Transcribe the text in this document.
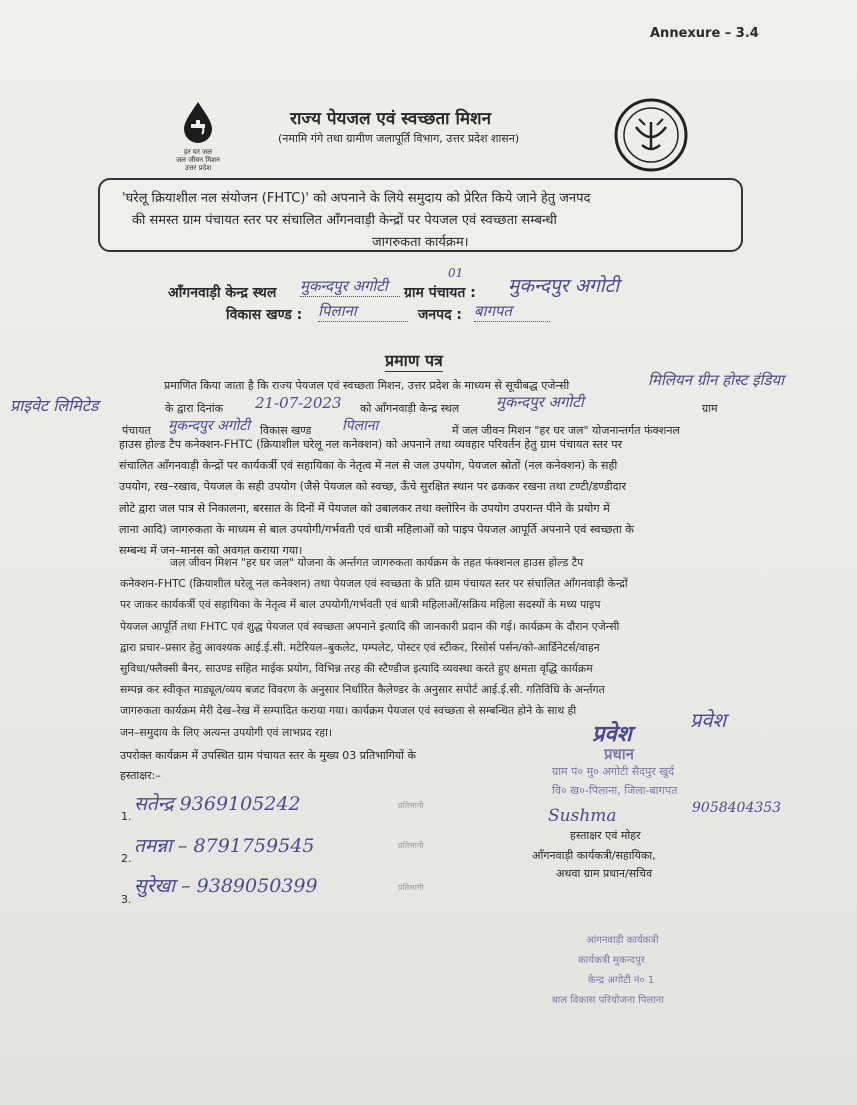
Annexure – 3.4
हर घर जल
जल जीवन मिशन
उत्तर प्रदेश
राज्य पेयजल एवं स्वच्छता मिशन
(नमामि गंगे तथा ग्रामीण जलापूर्ति विभाग, उत्तर प्रदेश शासन)
'घरेलू क्रियाशील नल संयोजन (FHTC)' को अपनाने के लिये समुदाय को प्रेरित किये जाने हेतु जनपद
की समस्त ग्राम पंचायत स्तर पर संचालित आँगनवाड़ी केन्द्रों पर पेयजल एवं स्वच्छता सम्बन्धी
जागरुकता कार्यक्रम।
आँगनवाड़ी केन्द्र स्थल मुकन्दपुर अगोटी
01
ग्राम पंचायत : मुकन्दपुर अगोटी
विकास खण्ड : पिलाना	जनपद : बागपत
प्रमाण पत्र
प्रमाणित किया जाता है कि राज्य पेयजल एवं स्वच्छता मिशन, उत्तर प्रदेश के माध्यम से सूचीबद्ध एजेन्सी	मिलियन ग्रीन होस्ट इंडिया
प्राइवेट लिमिटेड	के द्वारा दिनांक 21-07-2023 को आँगनवाड़ी केन्द्र स्थल मुकन्दपुर अगोटी	ग्राम
पंचायत मुकन्दपुर अगोटी विकास खण्ड पिलाना	में जल जीवन मिशन "हर घर जल" योजनान्तर्गत फंक्शनल
हाउस होल्ड टैप कनेक्शन-FHTC (क्रियाशील घरेलू नल कनेक्शन) को अपनाने तथा व्यवहार परिवर्तन हेतु ग्राम पंचायत स्तर पर
संचालित आँगनवाड़ी केन्द्रों पर कार्यकर्त्री एवं सहायिका के नेतृत्व में नल से जल उपयोग, पेयजल स्रोतों (नल कनेक्शन) के सही
उपयोग, रख–रखाव, पेयजल के सही उपयोग (जैसे पेयजल को स्वच्छ, ऊँचे सुरक्षित स्थान पर ढककर रखना तथा टण्टी/डण्डीदार
लोटे द्वारा जल पात्र से निकालना, बरसात के दिनों में पेयजल को उबालकर तथा क्लोरिन के उपयोग उपरान्त पीने के प्रयोग में
लाना आदि) जागरुकता के माध्यम से बाल उपयोगी/गर्भवती एवं धात्री महिलाओं को पाइप पेयजल आपूर्ति अपनाने एवं स्वच्छता के
सम्बन्ध में जन–मानस को अवगत कराया गया।
जल जीवन मिशन "हर घर जल" योजना के अर्न्तगत जागरुकता कार्यक्रम के तहत फंक्शनल हाउस होल्ड टैप
कनेक्शन-FHTC (क्रियाशील घरेलू नल कनेक्शन) तथा पेयजल एवं स्वच्छता के प्रति ग्राम पंचायत स्तर पर संचालित आँगनवाड़ी केन्द्रों
पर जाकर कार्यकर्त्री एवं सहायिका के नेतृत्व में बाल उपयोगी/गर्भवती एवं धात्री महिलाओं/सक्रिय महिला सदस्यों के मध्य पाइप
पेयजल आपूर्ति तथा FHTC एवं शुद्ध पेयजल एवं स्वच्छता अपनाने इत्यादि की जानकारी प्रदान की गई। कार्यक्रम के दौरान एजेन्सी
द्वारा प्रचार–प्रसार हेतु आवश्यक आई.ई.सी. मटेरियल–बुकलेट, पम्पलेट, पोस्टर एवं स्टीकर, रिसोर्स पर्सन/को-आर्डिनेटर्स/वाहन
सुविधा/फ्लैक्सी बैनर, साउण्ड सहित माईक प्रयोग, विभिन्न तरह की स्टैण्डीज इत्यादि व्यवस्था करते हुए क्षमता वृद्धि कार्यक्रम
सम्पन्न कर स्वीकृत माड्यूल/व्यय बजट विवरण के अनुसार निर्धारित कैलेण्डर के अनुसार सपोर्ट आई.ई.सी. गतिविधि के अर्न्तगत
जागरुकता कार्यक्रम मेरी देख–रेख में सम्पादित कराया गया। कार्यक्रम पेयजल एवं स्वच्छता से सम्बन्धित होने के साथ ही
जन–समुदाय के लिए अत्यन्त उपयोगी एवं लाभप्रद रहा।
उपरोक्त कार्यक्रम में उपस्थित ग्राम पंचायत स्तर के मुख्य 03 प्रतिभागियों के
हस्ताक्षर:–
1.
सतेन्द्र 9369105242	प्रतिभागी
2.
तमन्ना – 8791759545	प्रतिभागी
3.
सुरेखा – 9389050399	प्रतिभागी
प्रवेश
प्रवेश
प्रधान
ग्राम पं० मु० अगोटी सैदपुर खुर्द
वि० ख०-पिलाना, जिला-बागपत
9058404353
Sushma
हस्ताक्षर एवं मोहर
आँगनवाड़ी कार्यकत्री/सहायिका,
अथवा ग्राम प्रधान/सचिव
आंगनवाड़ी कार्यकत्री
कार्यकत्री मुकन्दपुर
केन्द्र अगोटी नं० 1
बाल विकास परियोजना पिलाना
